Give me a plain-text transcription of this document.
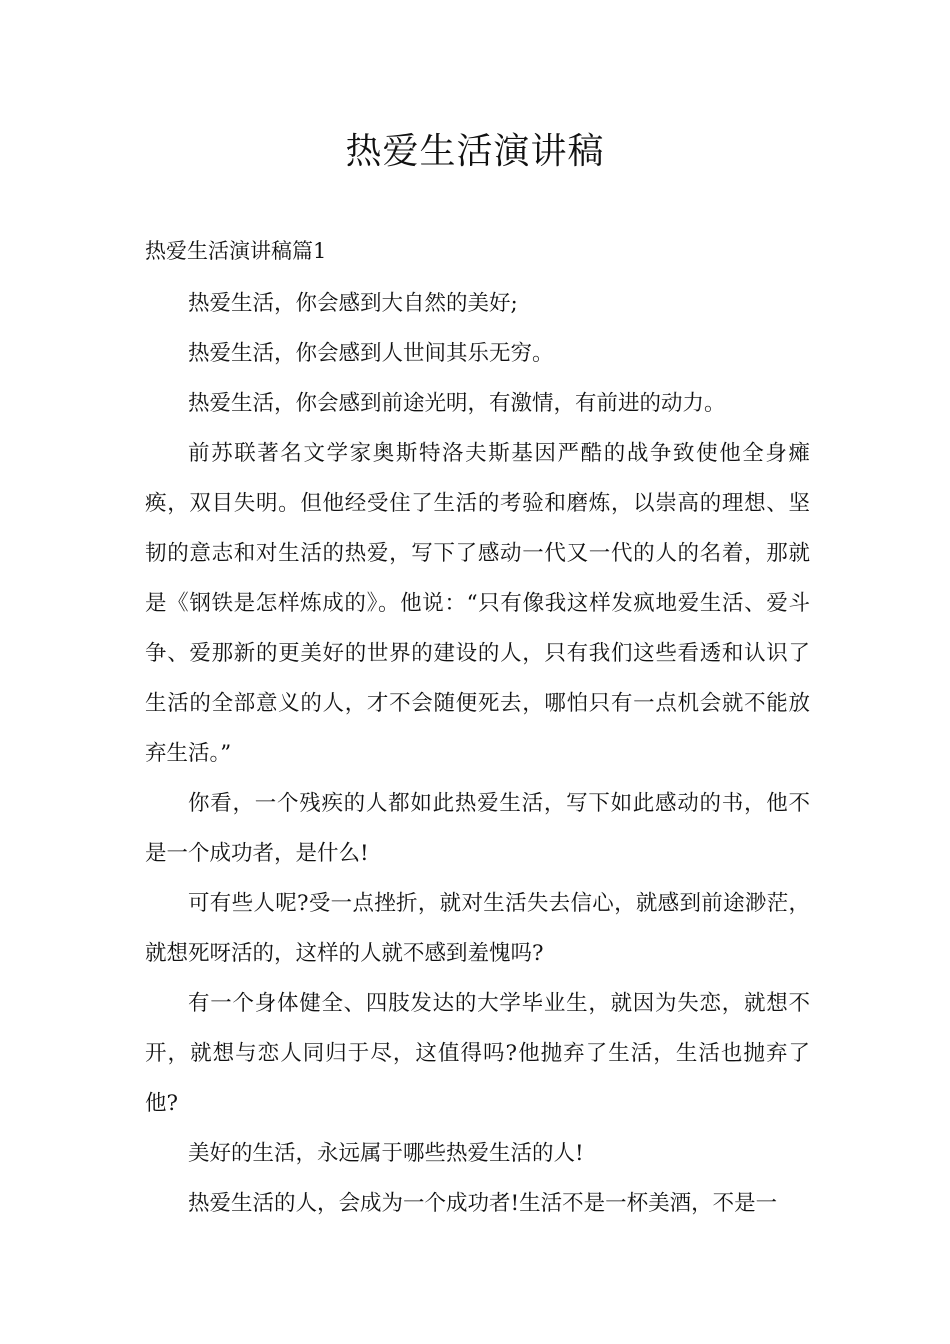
热爱生活演讲稿
热爱生活演讲稿篇1

热爱生活，你会感到大自然的美好;

热爱生活，你会感到人世间其乐无穷。

热爱生活，你会感到前途光明，有激情，有前进的动力。

前苏联著名文学家奥斯特洛夫斯基因严酷的战争致使他全身瘫痪，双目失明。但他经受住了生活的考验和磨炼，以崇高的理想、坚韧的意志和对生活的热爱，写下了感动一代又一代的人的名着，那就是《钢铁是怎样炼成的》。他说：“只有像我这样发疯地爱生活、爱斗争、爱那新的更美好的世界的建设的人，只有我们这些看透和认识了生活的全部意义的人，才不会随便死去，哪怕只有一点机会就不能放弃生活。”

你看，一个残疾的人都如此热爱生活，写下如此感动的书，他不是一个成功者，是什么!

可有些人呢?受一点挫折，就对生活失去信心，就感到前途渺茫，就想死呀活的，这样的人就不感到羞愧吗?

有一个身体健全、四肢发达的大学毕业生，就因为失恋，就想不开，就想与恋人同归于尽，这值得吗?他抛弃了生活，生活也抛弃了他?

美好的生活，永远属于哪些热爱生活的人!

热爱生活的人，会成为一个成功者!生活不是一杯美酒，不是一
